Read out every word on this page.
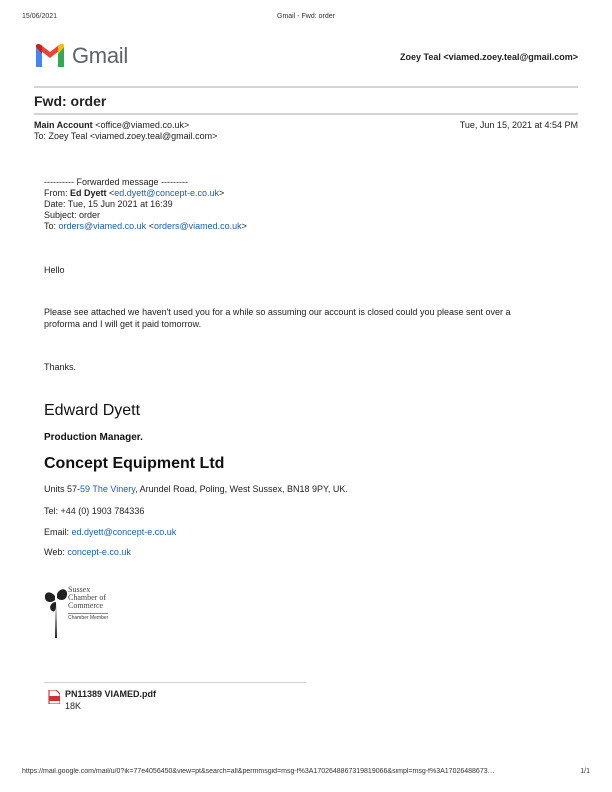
15/06/2021	Gmail - Fwd: order
Gmail	Zoey Teal <viamed.zoey.teal@gmail.com>
Fwd: order
Main Account <office@viamed.co.uk>	Tue, Jun 15, 2021 at 4:54 PM
To: Zoey Teal <viamed.zoey.teal@gmail.com>
---------- Forwarded message ---------
From: Ed Dyett <ed.dyett@concept-e.co.uk>
Date: Tue, 15 Jun 2021 at 16:39
Subject: order
To: orders@viamed.co.uk <orders@viamed.co.uk>
Hello
Please see attached we haven't used you for a while so assuming our account is closed could you please sent over a
proforma and I will get it paid tomorrow.
Thanks.
Edward Dyett
Production Manager.
Concept Equipment Ltd
Units 57-59 The Vinery, Arundel Road, Poling, West Sussex, BN18 9PY, UK.
Tel: +44 (0) 1903 784336
Email: ed.dyett@concept-e.co.uk
Web: concept-e.co.uk
Sussex
Chamber of
Commerce
Chamber Member
PN11389 VIAMED.pdf
18K
https://mail.google.com/mail/u/0?ik=77e4056450&view=pt&search=all&permmsgid=msg-f%3A1702648867319819066&simpl=msg-f%3A17026488673…	1/1
